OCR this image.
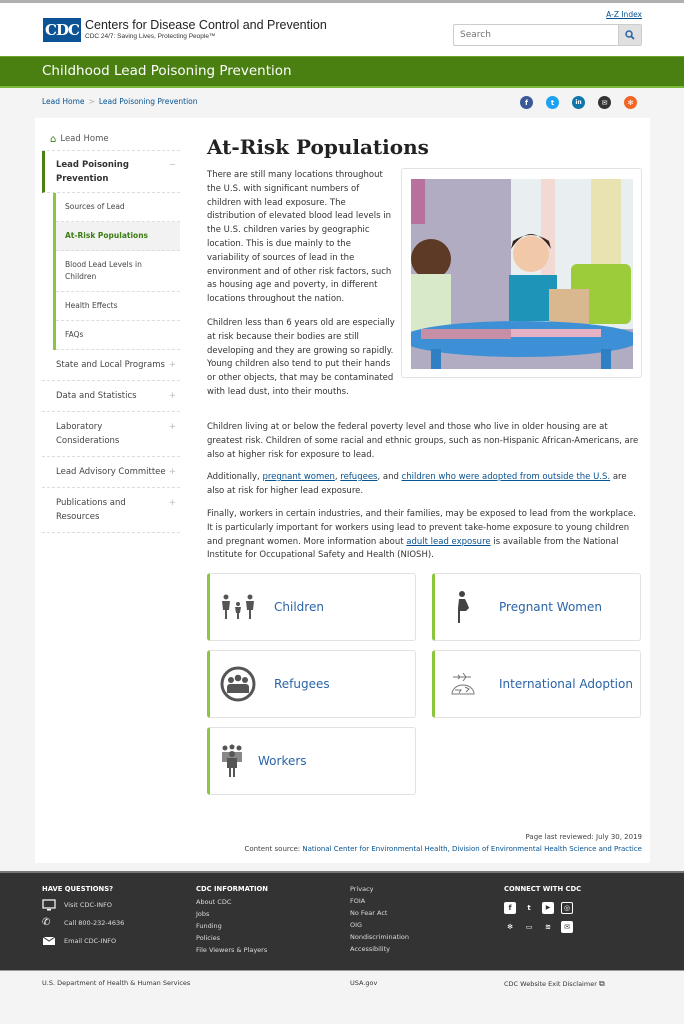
CDC Centers for Disease Control and Prevention
CDC 24/7: Saving Lives, Protecting People™
A-Z Index
Search
Childhood Lead Poisoning Prevention
Lead Home > Lead Poisoning Prevention	f	t	in	✉	✻
⌂ Lead Home
Lead Poisoning Prevention
−
Sources of Lead
At-Risk Populations
Blood Lead Levels in Children
Health Effects
FAQs
State and Local Programs +
Data and Statistics	+
Laboratory Considerations
+
Lead Advisory Committee +
Publications and Resources
+
At-Risk Populations

There are still many locations throughout the U.S. with significant numbers of children with lead exposure. The distribution of elevated blood lead levels in the U.S. children varies by geographic location. This is due mainly to the variability of sources of lead in the environment and of other risk factors, such as housing age and poverty, in different locations throughout the nation.

Children less than 6 years old are especially at risk because their bodies are still developing and they are growing so rapidly. Young children also tend to put their hands or other objects, that may be contaminated with lead dust, into their mouths.

Children living at or below the federal poverty level and those who live in older housing are at greatest risk. Children of some racial and ethnic groups, such as non-Hispanic African-Americans, are also at higher risk for exposure to lead.

Additionally, pregnant women, refugees, and children who were adopted from outside the U.S. are also at risk for higher lead exposure.

Finally, workers in certain industries, and their families, may be exposed to lead from the workplace. It is particularly important for workers using lead to prevent take-home exposure to young children and pregnant women. More information about adult lead exposure is available from the National Institute for Occupational Safety and Health (NIOSH).

Children	Pregnant Women
Refugees	International Adoption
Workers
Page last reviewed: July 30, 2019
Content source: National Center for Environmental Health, Division of Environmental Health Science and Practice
HAVE QUESTIONS?
Visit CDC-INFO
✆	Call 800-232-4636
Email CDC-INFO
CDC INFORMATION
About CDC
Jobs
Funding
Policies
File Viewers & Players
Privacy
FOIA
No Fear Act
OIG
Nondiscrimination
Accessibility
CONNECT WITH CDC
f	t	▶	◎
✻	▭	≋	✉
U.S. Department of Health & Human Services	USA.gov	CDC Website Exit Disclaimer ⧉
